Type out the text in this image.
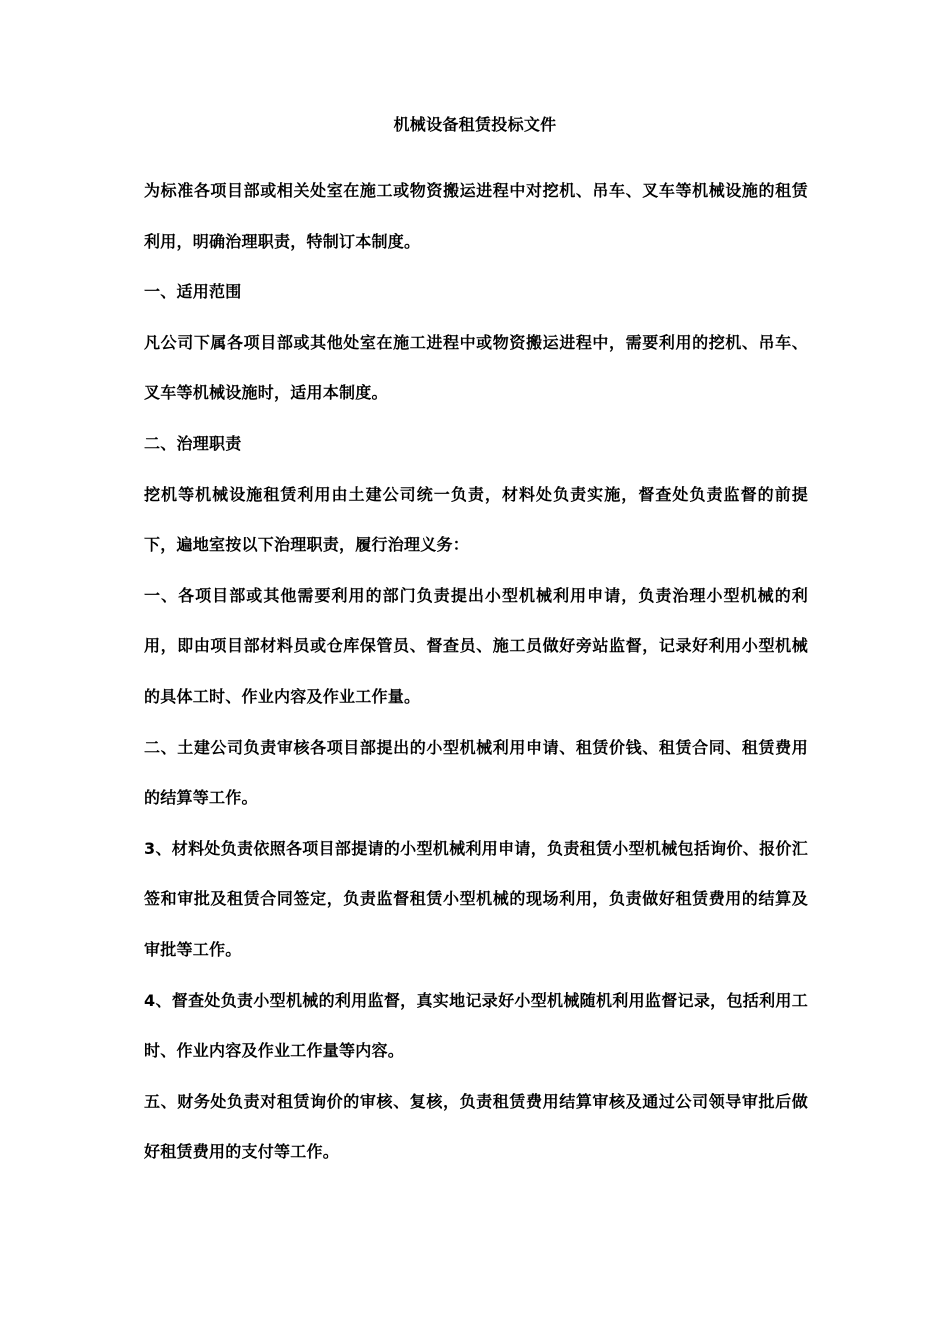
机械设备租赁投标文件

为标准各项目部或相关处室在施工或物资搬运进程中对挖机、吊车、叉车等机械设施的租赁利用，明确治理职责，特制订本制度。

一、适用范围

凡公司下属各项目部或其他处室在施工进程中或物资搬运进程中，需要利用的挖机、吊车、叉车等机械设施时，适用本制度。

二、治理职责

挖机等机械设施租赁利用由土建公司统一负责，材料处负责实施，督查处负责监督的前提下，遍地室按以下治理职责，履行治理义务：

一、各项目部或其他需要利用的部门负责提出小型机械利用申请，负责治理小型机械的利用，即由项目部材料员或仓库保管员、督查员、施工员做好旁站监督，记录好利用小型机械的具体工时、作业内容及作业工作量。

二、土建公司负责审核各项目部提出的小型机械利用申请、租赁价钱、租赁合同、租赁费用的结算等工作。

3、材料处负责依照各项目部提请的小型机械利用申请，负责租赁小型机械包括询价、报价汇签和审批及租赁合同签定，负责监督租赁小型机械的现场利用，负责做好租赁费用的结算及审批等工作。

4、督查处负责小型机械的利用监督，真实地记录好小型机械随机利用监督记录，包括利用工时、作业内容及作业工作量等内容。

五、财务处负责对租赁询价的审核、复核，负责租赁费用结算审核及通过公司领导审批后做好租赁费用的支付等工作。
